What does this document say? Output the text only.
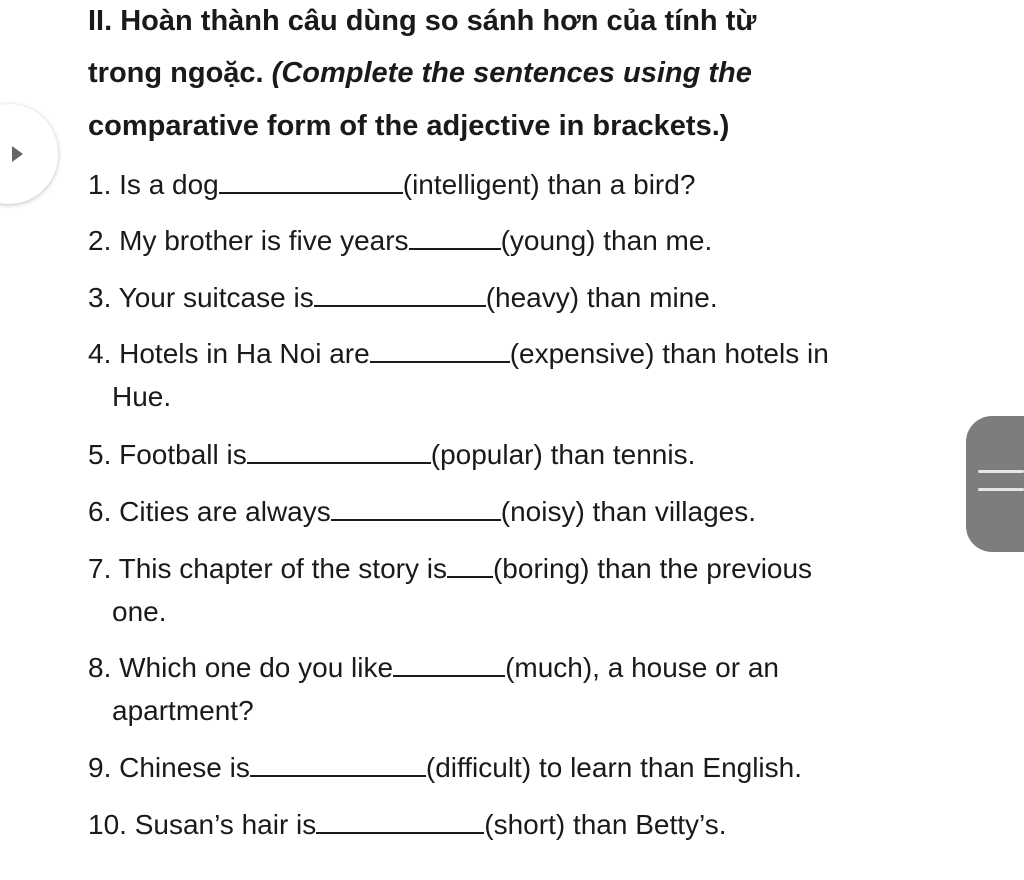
II. Hoàn thành câu dùng so sánh hơn của tính từ
trong ngoặc. (Complete the sentences using the
comparative form of the adjective in brackets.)
1. Is a dog	(intelligent) than a bird?
2. My brother is five years	(young) than me.
3. Your suitcase is	(heavy) than mine.
4. Hotels in Ha Noi are	(expensive) than hotels in
Hue.
5. Football is	(popular) than tennis.
6. Cities are always	(noisy) than villages.
7. This chapter of the story is (boring) than the previous
one.
8. Which one do you like	(much), a house or an
apartment?
9. Chinese is	(difficult) to learn than English.
10. Susan’s hair is	(short) than Betty’s.
